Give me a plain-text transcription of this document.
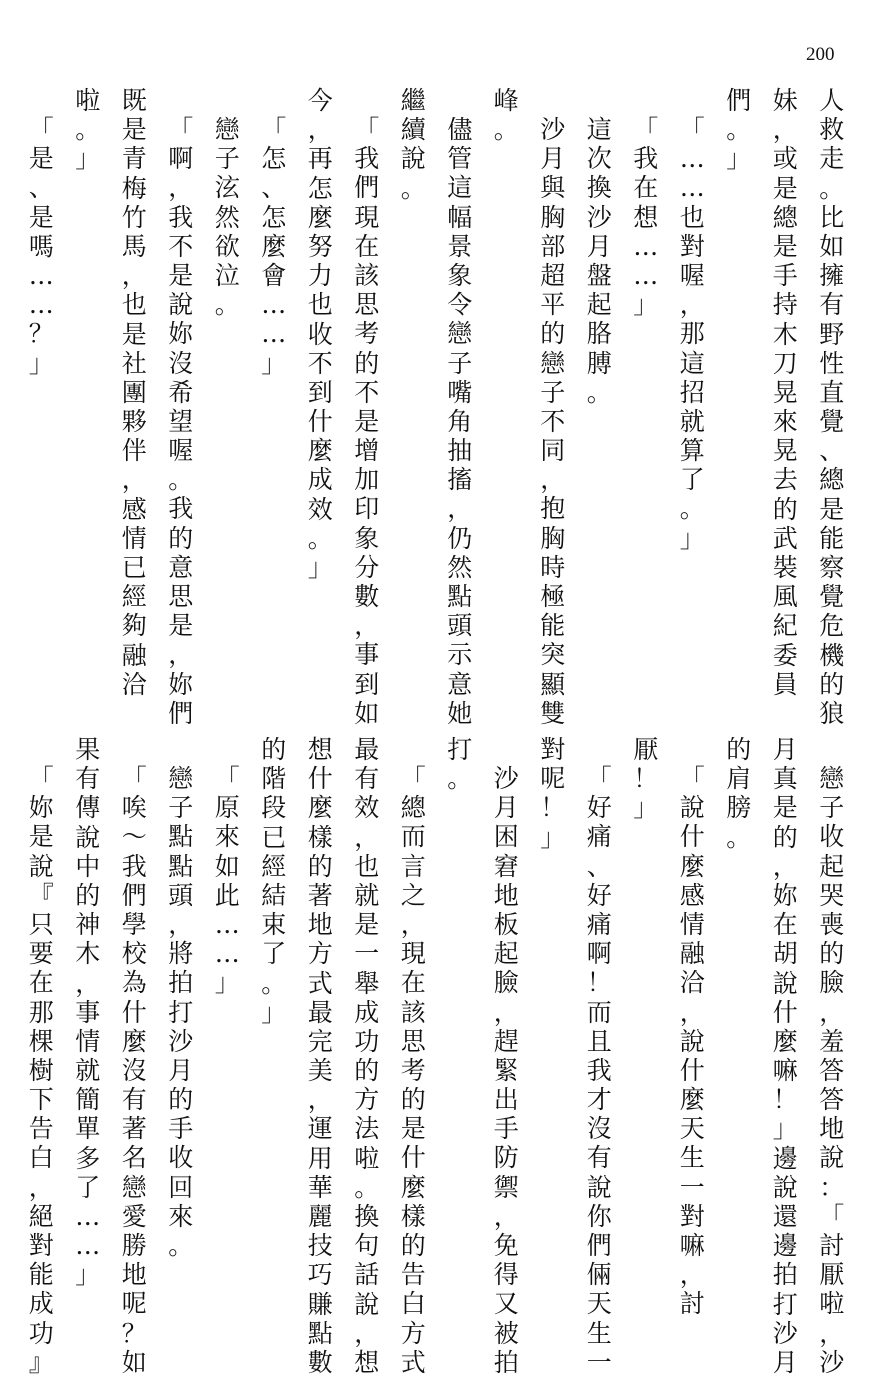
200
人
救
走
。
比
如
擁
有
野
性
直
覺
、
總
是
能
察
覺
危
機
的
狼
妹
，
或
是
總
是
手
持
木
刀
晃
來
晃
去
的
武
裝
風
紀
委
員
們
。
」
「
…
…
也
對
喔
，
那
這
招
就
算
了
。
」
「
我
在
想
…
…
」
這
次
換
沙
月
盤
起
胳
膊
。
沙
月
與
胸
部
超
平
的
戀
子
不
同
，
抱
胸
時
極
能
突
顯
雙
峰
。
儘
管
這
幅
景
象
令
戀
子
嘴
角
抽
搐
，
仍
然
點
頭
示
意
她
繼
續
說
。
「
我
們
現
在
該
思
考
的
不
是
增
加
印
象
分
數
，
事
到
如
今
，
再
怎
麼
努
力
也
收
不
到
什
麼
成
效
。
」
「
怎
、
怎
麼
會
…
…
」
戀
子
泫
然
欲
泣
。
「
啊
，
我
不
是
說
妳
沒
希
望
喔
。
我
的
意
思
是
，
妳
們
既
是
青
梅
竹
馬
，
也
是
社
團
夥
伴
，
感
情
已
經
夠
融
洽
啦
。
」
「
是
、
是
嗎
…
…
？
」
戀
子
收
起
哭
喪
的
臉
，
羞
答
答
地
說
：
「
討
厭
啦
，
沙
月
真
是
的
，
妳
在
胡
說
什
麼
嘛
！
」
邊
說
還
邊
拍
打
沙
月
的
肩
膀
。
「
說
什
麼
感
情
融
洽
，
說
什
麼
天
生
一
對
嘛
，
討
厭
！
」
「
好
痛
、
好
痛
啊
！
而
且
我
才
沒
有
說
你
們
倆
天
生
一
對
呢
！
」
沙
月
困
窘
地
板
起
臉
，
趕
緊
出
手
防
禦
，
免
得
又
被
拍
打
。
「
總
而
言
之
，
現
在
該
思
考
的
是
什
麼
樣
的
告
白
方
式
最
有
效
，
也
就
是
一
舉
成
功
的
方
法
啦
。
換
句
話
說
，
想
想
什
麼
樣
的
著
地
方
式
最
完
美
，
運
用
華
麗
技
巧
賺
點
數
的
階
段
已
經
結
束
了
。
」
「
原
來
如
此
…
…
」
戀
子
點
點
頭
，
將
拍
打
沙
月
的
手
收
回
來
。
「
唉
～
我
們
學
校
為
什
麼
沒
有
著
名
戀
愛
勝
地
呢
？
如
果
有
傳
說
中
的
神
木
，
事
情
就
簡
單
多
了
…
…
」
「
妳
是
說
『
只
要
在
那
棵
樹
下
告
白
，
絕
對
能
成
功
』
